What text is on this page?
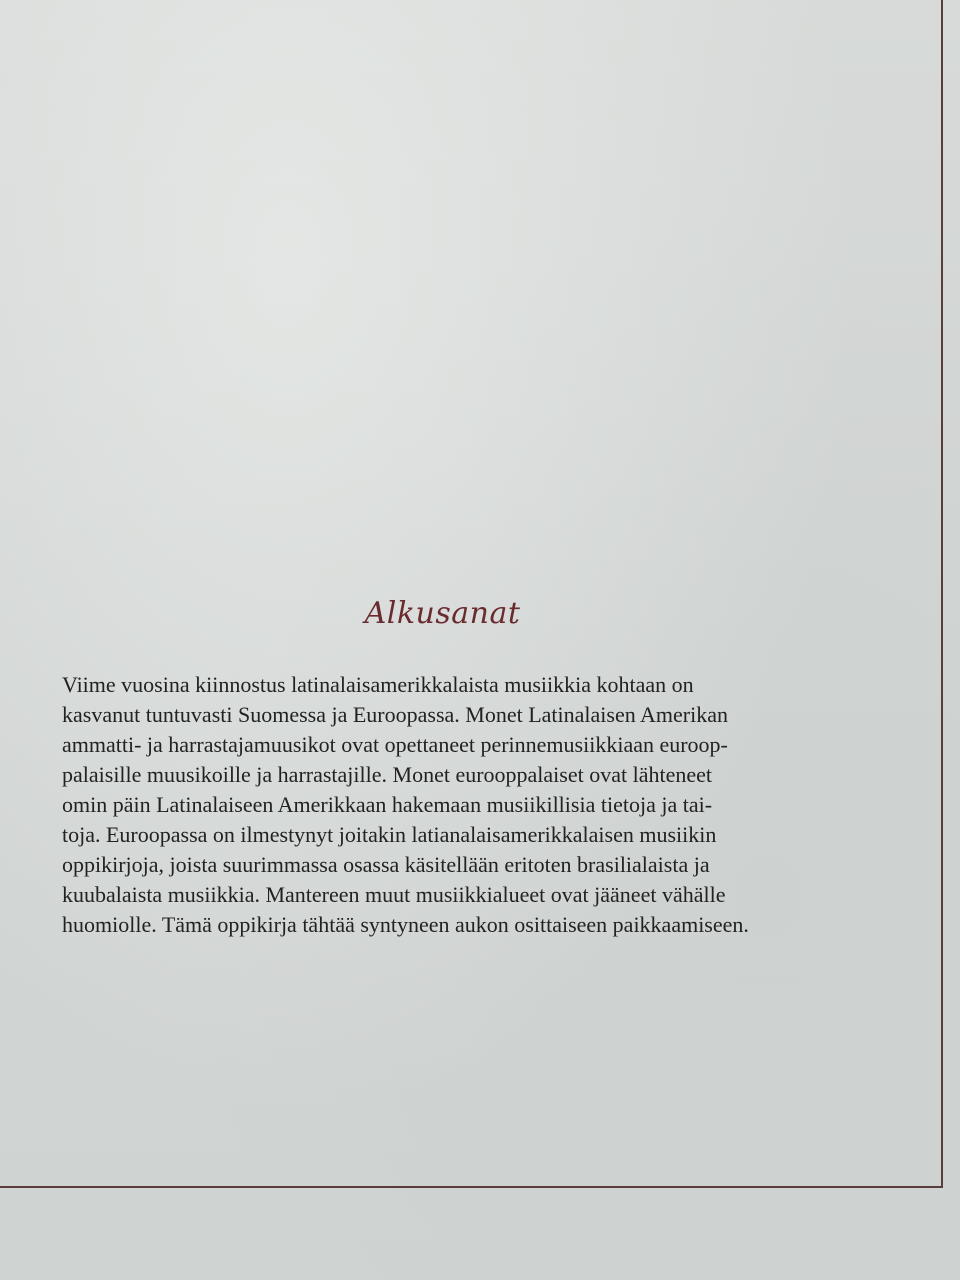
Alkusanat

Viime vuosina kiinnostus latinalaisamerikkalaista musiikkia kohtaan on
kasvanut tuntuvasti Suomessa ja Euroopassa. Monet Latinalaisen Amerikan
ammatti- ja harrastajamuusikot ovat opettaneet perinnemusiikkiaan euroop-
palaisille muusikoille ja harrastajille. Monet eurooppalaiset ovat lähteneet
omin päin Latinalaiseen Amerikkaan hakemaan musiikillisia tietoja ja tai-
toja. Euroopassa on ilmestynyt joitakin latianalaisamerikkalaisen musiikin
oppikirjoja, joista suurimmassa osassa käsitellään eritoten brasilialaista ja
kuubalaista musiikkia. Mantereen muut musiikkialueet ovat jääneet vähälle
huomiolle. Tämä oppikirja tähtää syntyneen aukon osittaiseen paikkaamiseen.
